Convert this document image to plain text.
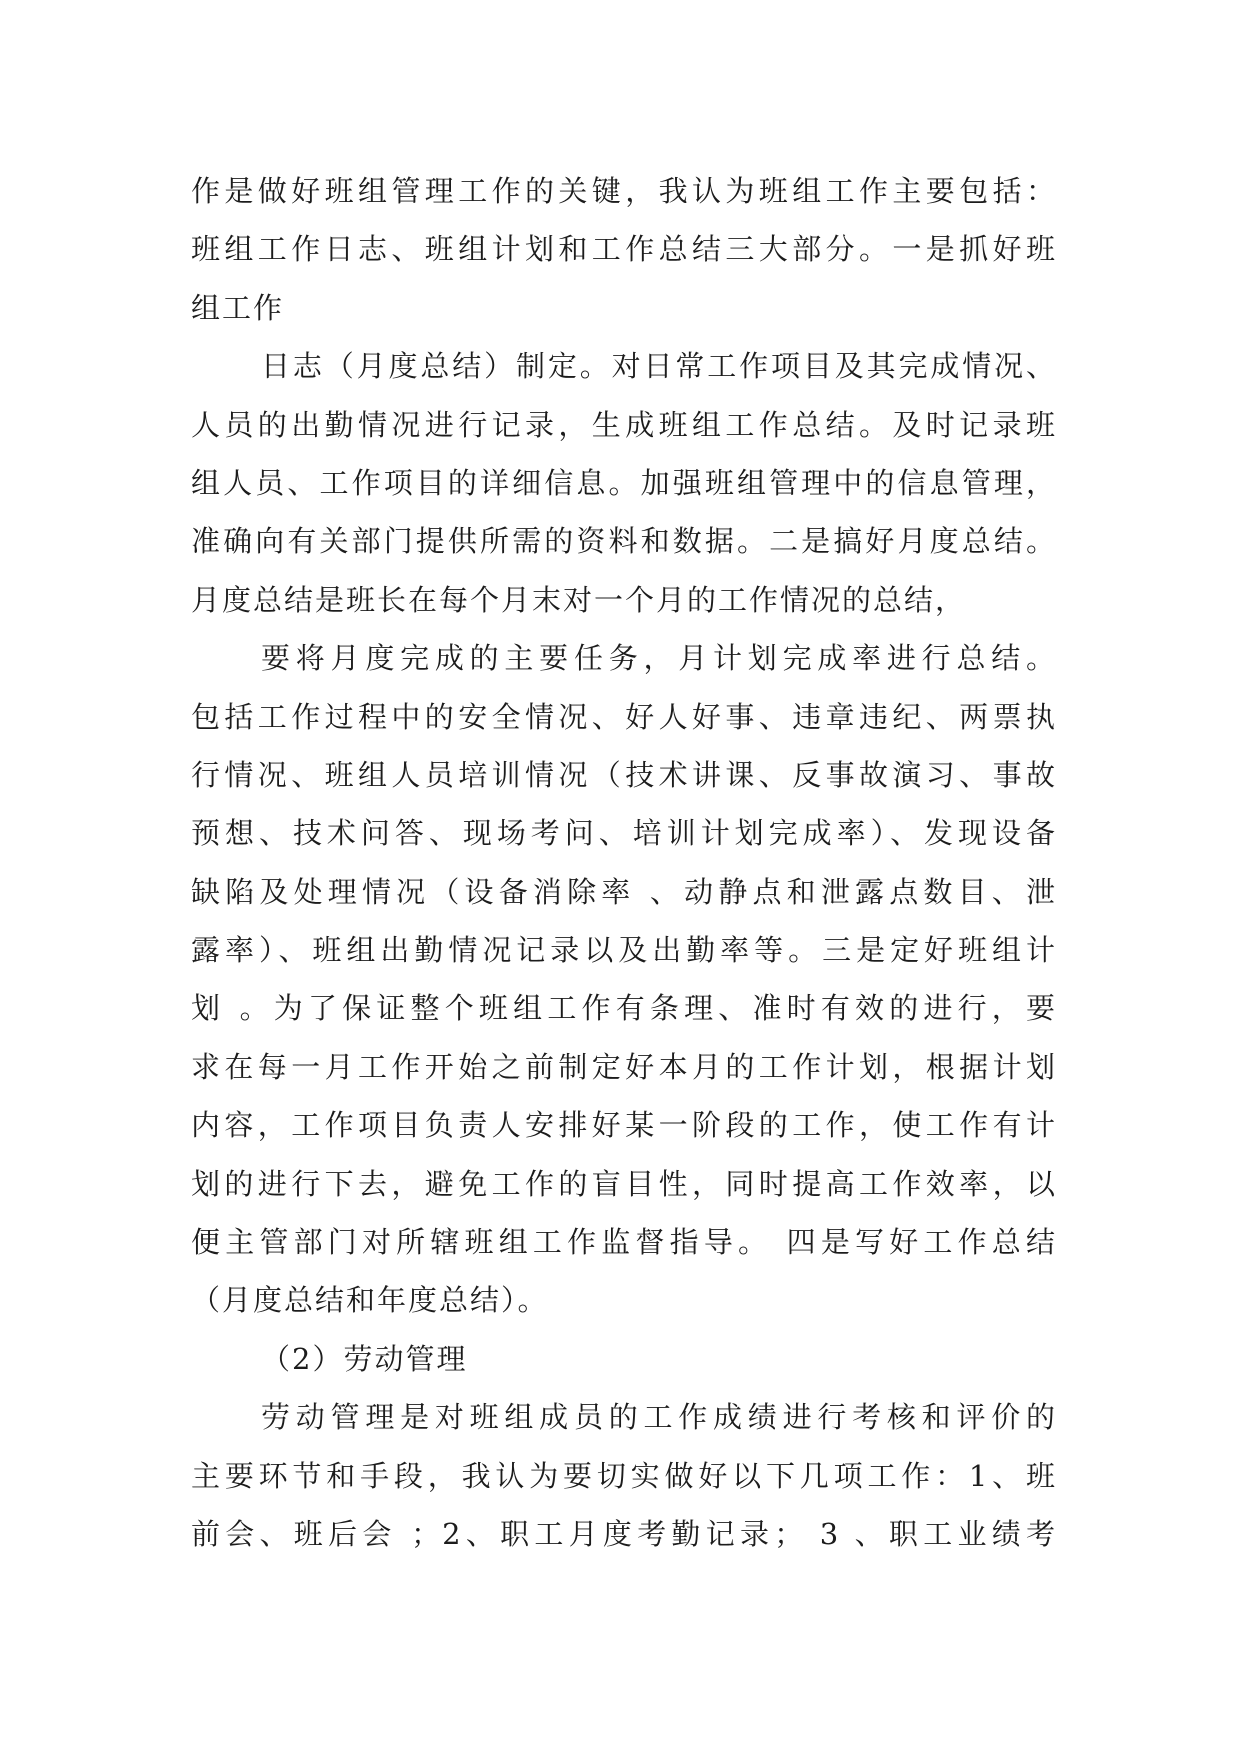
作是做好班组管理工作的关键，我认为班组工作主要包括：
班组工作日志、班组计划和工作总结三大部分。一是抓好班
组工作
日志（月度总结）制定。对日常工作项目及其完成情况、
人员的出勤情况进行记录，生成班组工作总结。及时记录班
组人员、工作项目的详细信息。加强班组管理中的信息管理，
准确向有关部门提供所需的资料和数据。二是搞好月度总结。
月度总结是班长在每个月末对一个月的工作情况的总结，
要将月度完成的主要任务，月计划完成率进行总结。
包括工作过程中的安全情况、好人好事、违章违纪、两票执
行情况、班组人员培训情况（技术讲课、反事故演习、事故
预想、技术问答、现场考问、培训计划完成率）、发现设备
缺陷及处理情况（设备消除率 、动静点和泄露点数目、泄
露率）、班组出勤情况记录以及出勤率等。三是定好班组计
划 。为了保证整个班组工作有条理、准时有效的进行，要
求在每一月工作开始之前制定好本月的工作计划，根据计划
内容，工作项目负责人安排好某一阶段的工作，使工作有计
划的进行下去，避免工作的盲目性，同时提高工作效率，以
便主管部门对所辖班组工作监督指导。 四是写好工作总结
（月度总结和年度总结）。
（2）劳动管理
劳动管理是对班组成员的工作成绩进行考核和评价的
主要环节和手段，我认为要切实做好以下几项工作：1、班
前会、班后会 ；2、职工月度考勤记录； 3 、职工业绩考
